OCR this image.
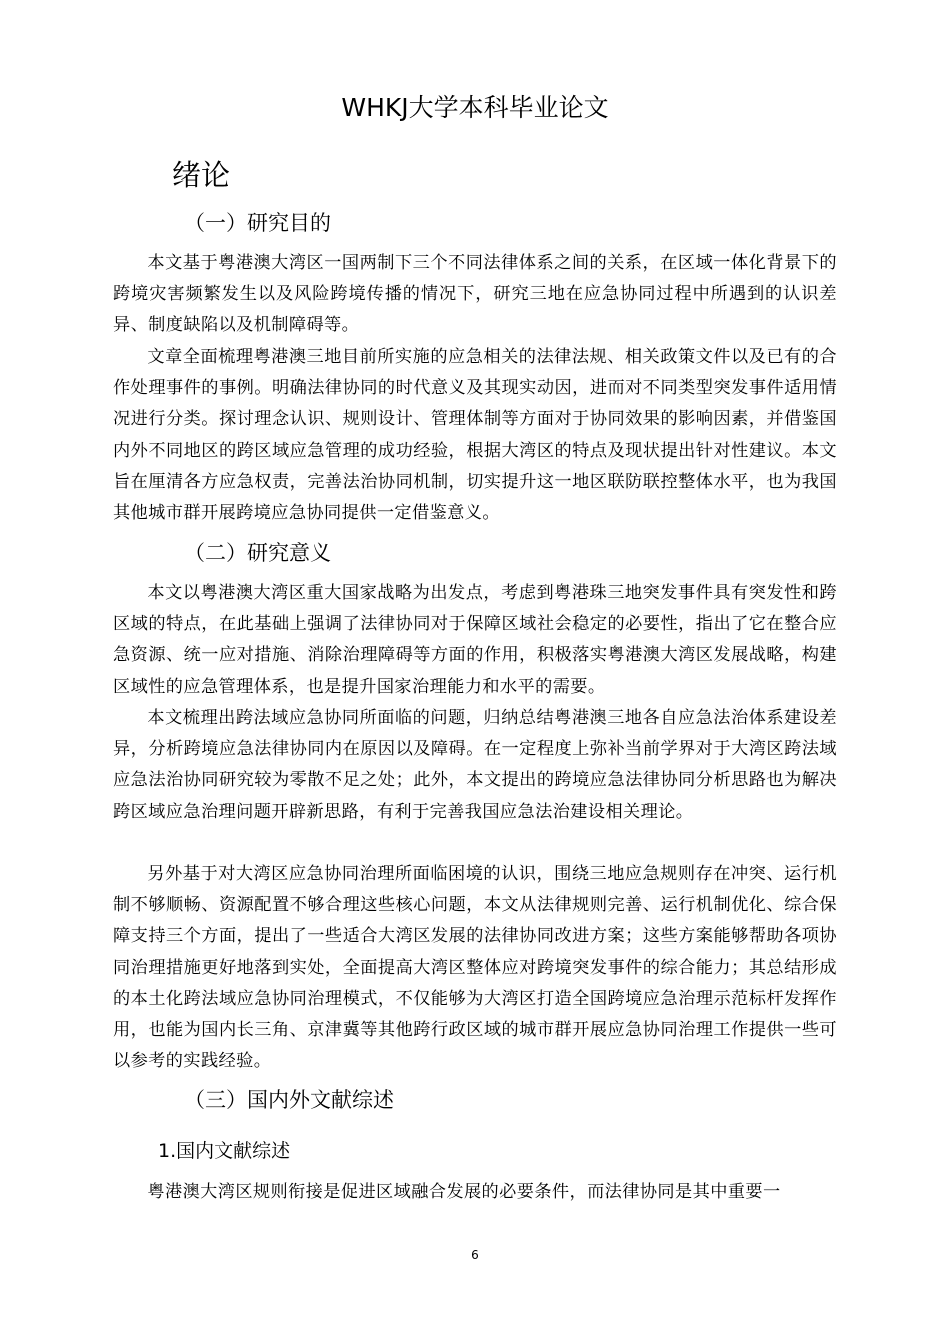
WHKJ大学本科毕业论文
绪论
（一）研究目的

本文基于粤港澳大湾区一国两制下三个不同法律体系之间的关系，在区域一体化背景下的跨境灾害频繁发生以及风险跨境传播的情况下，研究三地在应急协同过程中所遇到的认识差异、制度缺陷以及机制障碍等。

文章全面梳理粤港澳三地目前所实施的应急相关的法律法规、相关政策文件以及已有的合作处理事件的事例。明确法律协同的时代意义及其现实动因，进而对不同类型突发事件适用情况进行分类。探讨理念认识、规则设计、管理体制等方面对于协同效果的影响因素，并借鉴国内外不同地区的跨区域应急管理的成功经验，根据大湾区的特点及现状提出针对性建议。本文旨在厘清各方应急权责，完善法治协同机制，切实提升这一地区联防联控整体水平，也为我国其他城市群开展跨境应急协同提供一定借鉴意义。

（二）研究意义

本文以粤港澳大湾区重大国家战略为出发点，考虑到粤港珠三地突发事件具有突发性和跨区域的特点，在此基础上强调了法律协同对于保障区域社会稳定的必要性，指出了它在整合应急资源、统一应对措施、消除治理障碍等方面的作用，积极落实粤港澳大湾区发展战略，构建区域性的应急管理体系，也是提升国家治理能力和水平的需要。

本文梳理出跨法域应急协同所面临的问题，归纳总结粤港澳三地各自应急法治体系建设差异，分析跨境应急法律协同内在原因以及障碍。在一定程度上弥补当前学界对于大湾区跨法域应急法治协同研究较为零散不足之处；此外，本文提出的跨境应急法律协同分析思路也为解决跨区域应急治理问题开辟新思路，有利于完善我国应急法治建设相关理论。

另外基于对大湾区应急协同治理所面临困境的认识，围绕三地应急规则存在冲突、运行机制不够顺畅、资源配置不够合理这些核心问题，本文从法律规则完善、运行机制优化、综合保障支持三个方面，提出了一些适合大湾区发展的法律协同改进方案；这些方案能够帮助各项协同治理措施更好地落到实处，全面提高大湾区整体应对跨境突发事件的综合能力；其总结形成的本土化跨法域应急协同治理模式，不仅能够为大湾区打造全国跨境应急治理示范标杆发挥作用，也能为国内长三角、京津冀等其他跨行政区域的城市群开展应急协同治理工作提供一些可以参考的实践经验。

（三）国内外文献综述
1.国内文献综述

粤港澳大湾区规则衔接是促进区域融合发展的必要条件，而法律协同是其中重要一

6
